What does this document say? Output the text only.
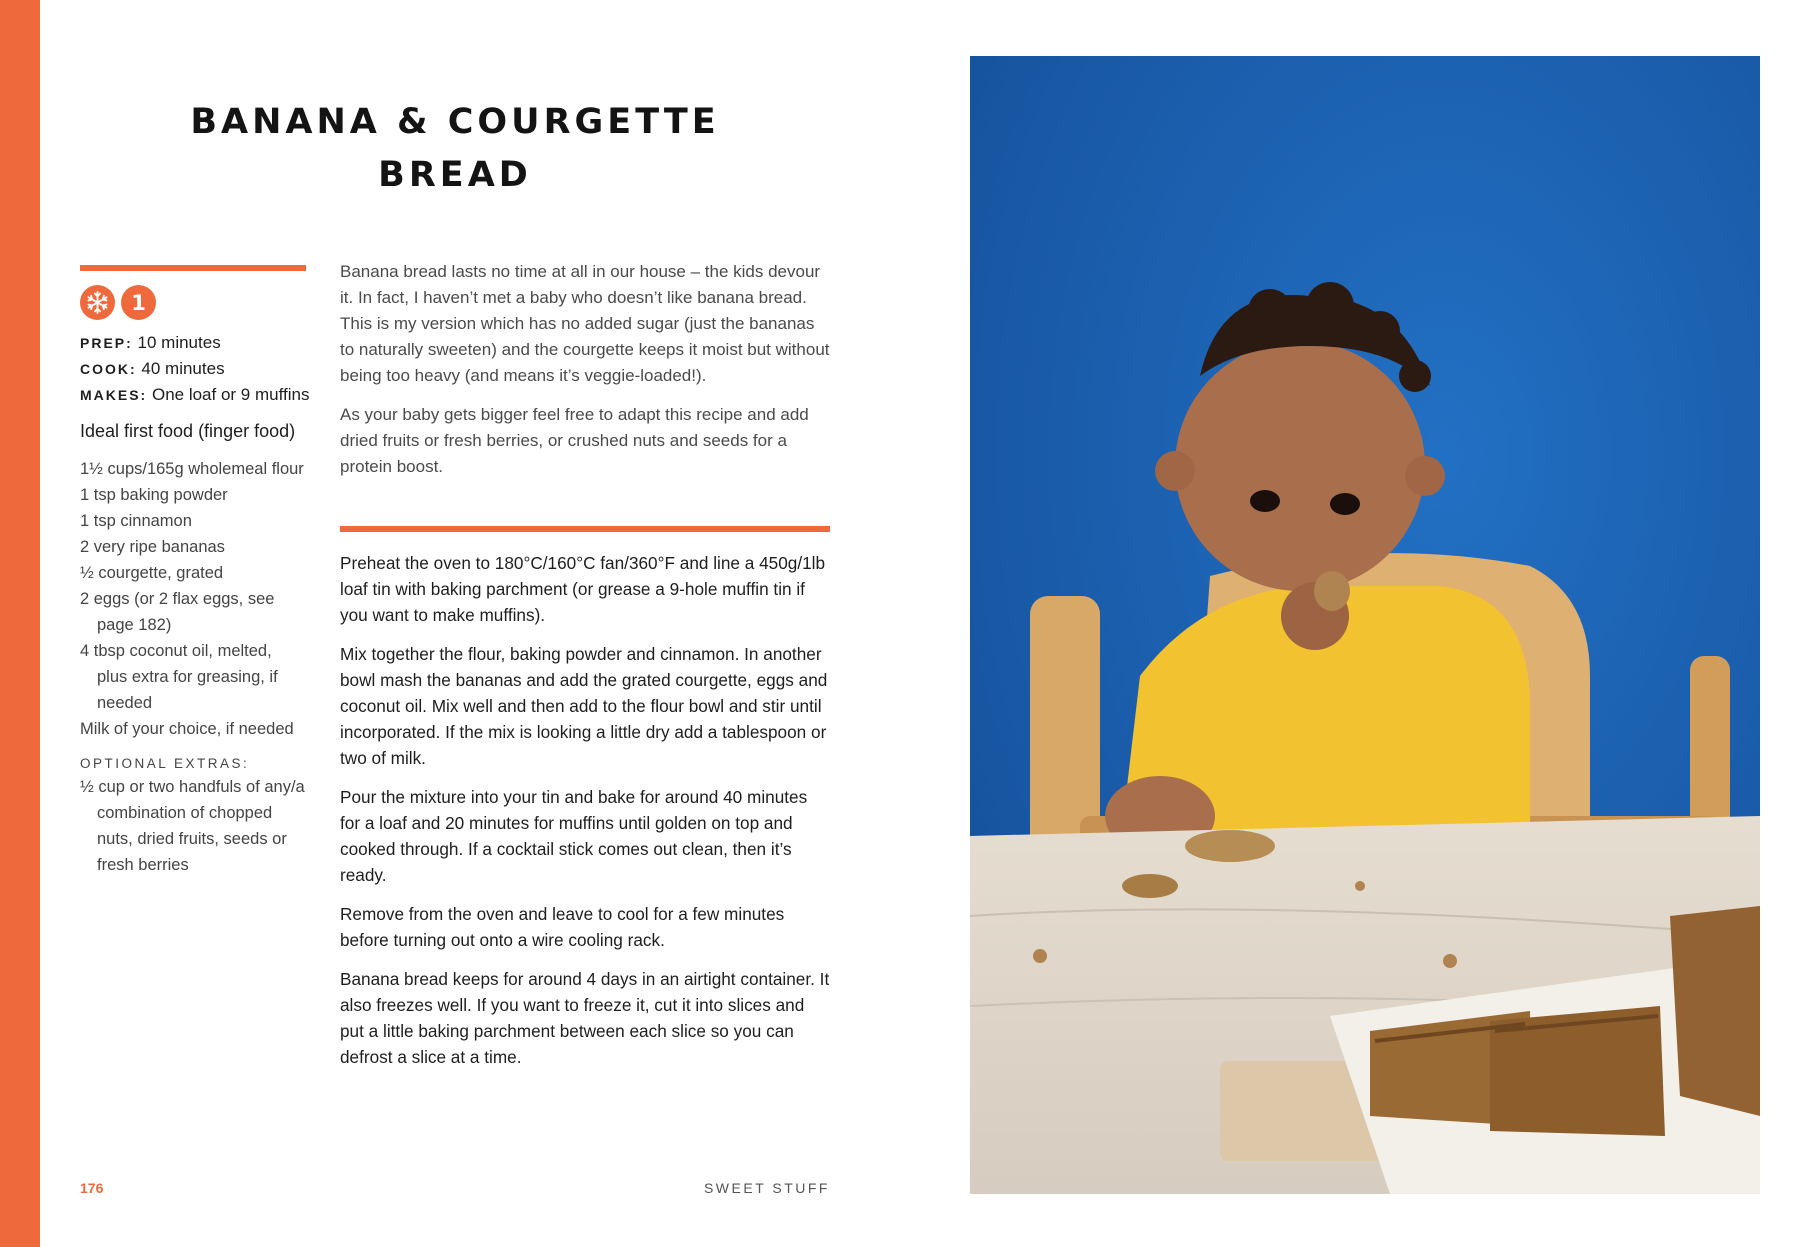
BANANA & COURGETTE
BREAD
1
PREP: 10 minutes
COOK: 40 minutes
MAKES: One loaf or 9 muffins
Ideal first food (finger food)
1½ cups/165g wholemeal flour
1 tsp baking powder
1 tsp cinnamon
2 very ripe bananas
½ courgette, grated
2 eggs (or 2 flax eggs, see page 182)
4 tbsp coconut oil, melted, plus extra for greasing, if needed
Milk of your choice, if needed
OPTIONAL EXTRAS:
½ cup or two handfuls of any/a combination of chopped nuts, dried fruits, seeds or fresh berries

Banana bread lasts no time at all in our house – the kids devour it. In fact, I haven’t met a baby who doesn’t like banana bread. This is my version which has no added sugar (just the bananas to naturally sweeten) and the courgette keeps it moist but without being too heavy (and means it’s veggie-loaded!).

As your baby gets bigger feel free to adapt this recipe and add dried fruits or fresh berries, or crushed nuts and seeds for a protein boost.

Preheat the oven to 180°C/160°C fan/360°F and line a 450g/1lb loaf tin with baking parchment (or grease a 9-hole muffin tin if you want to make muffins).

Mix together the flour, baking powder and cinnamon. In another bowl mash the bananas and add the grated courgette, eggs and coconut oil. Mix well and then add to the flour bowl and stir until incorporated. If the mix is looking a little dry add a tablespoon or two of milk.

Pour the mixture into your tin and bake for around 40 minutes for a loaf and 20 minutes for muffins until golden on top and cooked through. If a cocktail stick comes out clean, then it’s ready.

Remove from the oven and leave to cool for a few minutes before turning out onto a wire cooling rack.

Banana bread keeps for around 4 days in an airtight container. It also freezes well. If you want to freeze it, cut it into slices and put a little baking parchment between each slice so you can defrost a slice at a time.

176	SWEET STUFF
